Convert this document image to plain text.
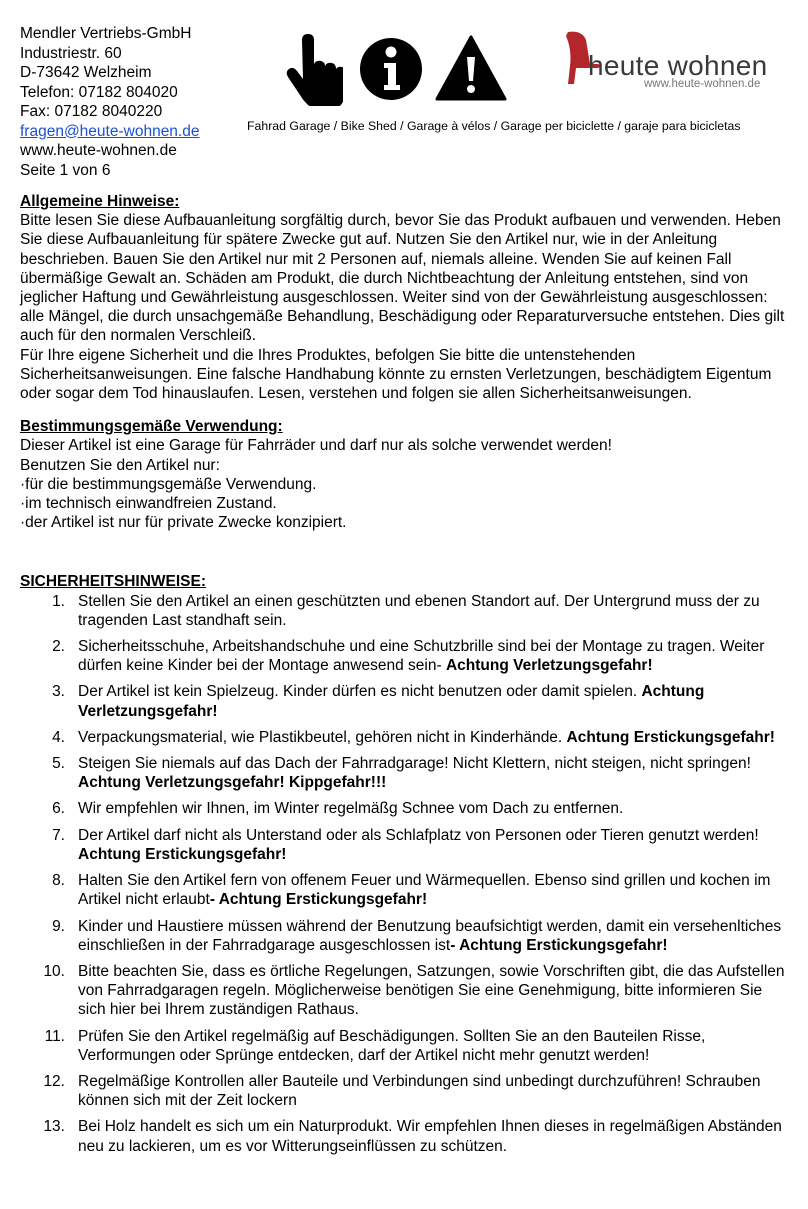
Mendler Vertriebs-GmbH
Industriestr. 60
D-73642 Welzheim
Telefon: 07182 804020
Fax: 07182 8040220
fragen@heute-wohnen.de
www.heute-wohnen.de
Seite 1 von 6
heute wohnen
www.heute-wohnen.de
Fahrad Garage / Bike Shed / Garage à vélos / Garage per biciclette / garaje para bicicletas
Allgemeine Hinweise:

Bitte lesen Sie diese Aufbauanleitung sorgfältig durch, bevor Sie das Produkt aufbauen und verwenden. Heben Sie diese Aufbauanleitung für spätere Zwecke gut auf. Nutzen Sie den Artikel nur, wie in der Anleitung beschrieben. Bauen Sie den Artikel nur mit 2 Personen auf, niemals alleine. Wenden Sie auf keinen Fall übermäßige Gewalt an. Schäden am Produkt, die durch Nichtbeachtung der Anleitung entstehen, sind von jeglicher Haftung und Gewährleistung ausgeschlossen. Weiter sind von der Gewährleistung ausgeschlossen: alle Mängel, die durch unsachgemäße Behandlung, Beschädigung oder Reparaturversuche entstehen. Dies gilt auch für den normalen Verschleiß.

Für Ihre eigene Sicherheit und die Ihres Produktes, befolgen Sie bitte die untenstehenden Sicherheitsanweisungen. Eine falsche Handhabung könnte zu ernsten Verletzungen, beschädigtem Eigentum oder sogar dem Tod hinauslaufen. Lesen, verstehen und folgen sie allen Sicherheitsanweisungen.

Bestimmungsgemäße Verwendung:
Dieser Artikel ist eine Garage für Fahrräder und darf nur als solche verwendet werden!
Benutzen Sie den Artikel nur:
·für die bestimmungsgemäße Verwendung.
·im technisch einwandfreien Zustand.
·der Artikel ist nur für private Zwecke konzipiert.
SICHERHEITSHINWEISE:
1. Stellen Sie den Artikel an einen geschützten und ebenen Standort auf. Der Untergrund muss der zu tragenden Last standhaft sein.
2. Sicherheitsschuhe, Arbeitshandschuhe und eine Schutzbrille sind bei der Montage zu tragen. Weiter dürfen keine Kinder bei der Montage anwesend sein- Achtung Verletzungsgefahr!
3. Der Artikel ist kein Spielzeug. Kinder dürfen es nicht benutzen oder damit spielen. Achtung Verletzungsgefahr!
4. Verpackungsmaterial, wie Plastikbeutel, gehören nicht in Kinderhände. Achtung Erstickungsgefahr!
5. Steigen Sie niemals auf das Dach der Fahrradgarage! Nicht Klettern, nicht steigen, nicht springen! Achtung Verletzungsgefahr! Kippgefahr!!!
6. Wir empfehlen wir Ihnen, im Winter regelmäßg Schnee vom Dach zu entfernen.
7. Der Artikel darf nicht als Unterstand oder als Schlafplatz von Personen oder Tieren genutzt werden! Achtung Erstickungsgefahr!
8. Halten Sie den Artikel fern von offenem Feuer und Wärmequellen. Ebenso sind grillen und kochen im Artikel nicht erlaubt- Achtung Erstickungsgefahr!
9. Kinder und Haustiere müssen während der Benutzung beaufsichtigt werden, damit ein versehenltiches einschließen in der Fahrradgarage ausgeschlossen ist- Achtung Erstickungsgefahr!
10. Bitte beachten Sie, dass es örtliche Regelungen, Satzungen, sowie Vorschriften gibt, die das Aufstellen von Fahrradgaragen regeln. Möglicherweise benötigen Sie eine Genehmigung, bitte informieren Sie sich hier bei Ihrem zuständigen Rathaus.
11. Prüfen Sie den Artikel regelmäßig auf Beschädigungen. Sollten Sie an den Bauteilen Risse, Verformungen oder Sprünge entdecken, darf der Artikel nicht mehr genutzt werden!
12. Regelmäßige Kontrollen aller Bauteile und Verbindungen sind unbedingt durchzuführen! Schrauben können sich mit der Zeit lockern
13. Bei Holz handelt es sich um ein Naturprodukt. Wir empfehlen Ihnen dieses in regelmäßigen Abständen neu zu lackieren, um es vor Witterungseinflüssen zu schützen.
